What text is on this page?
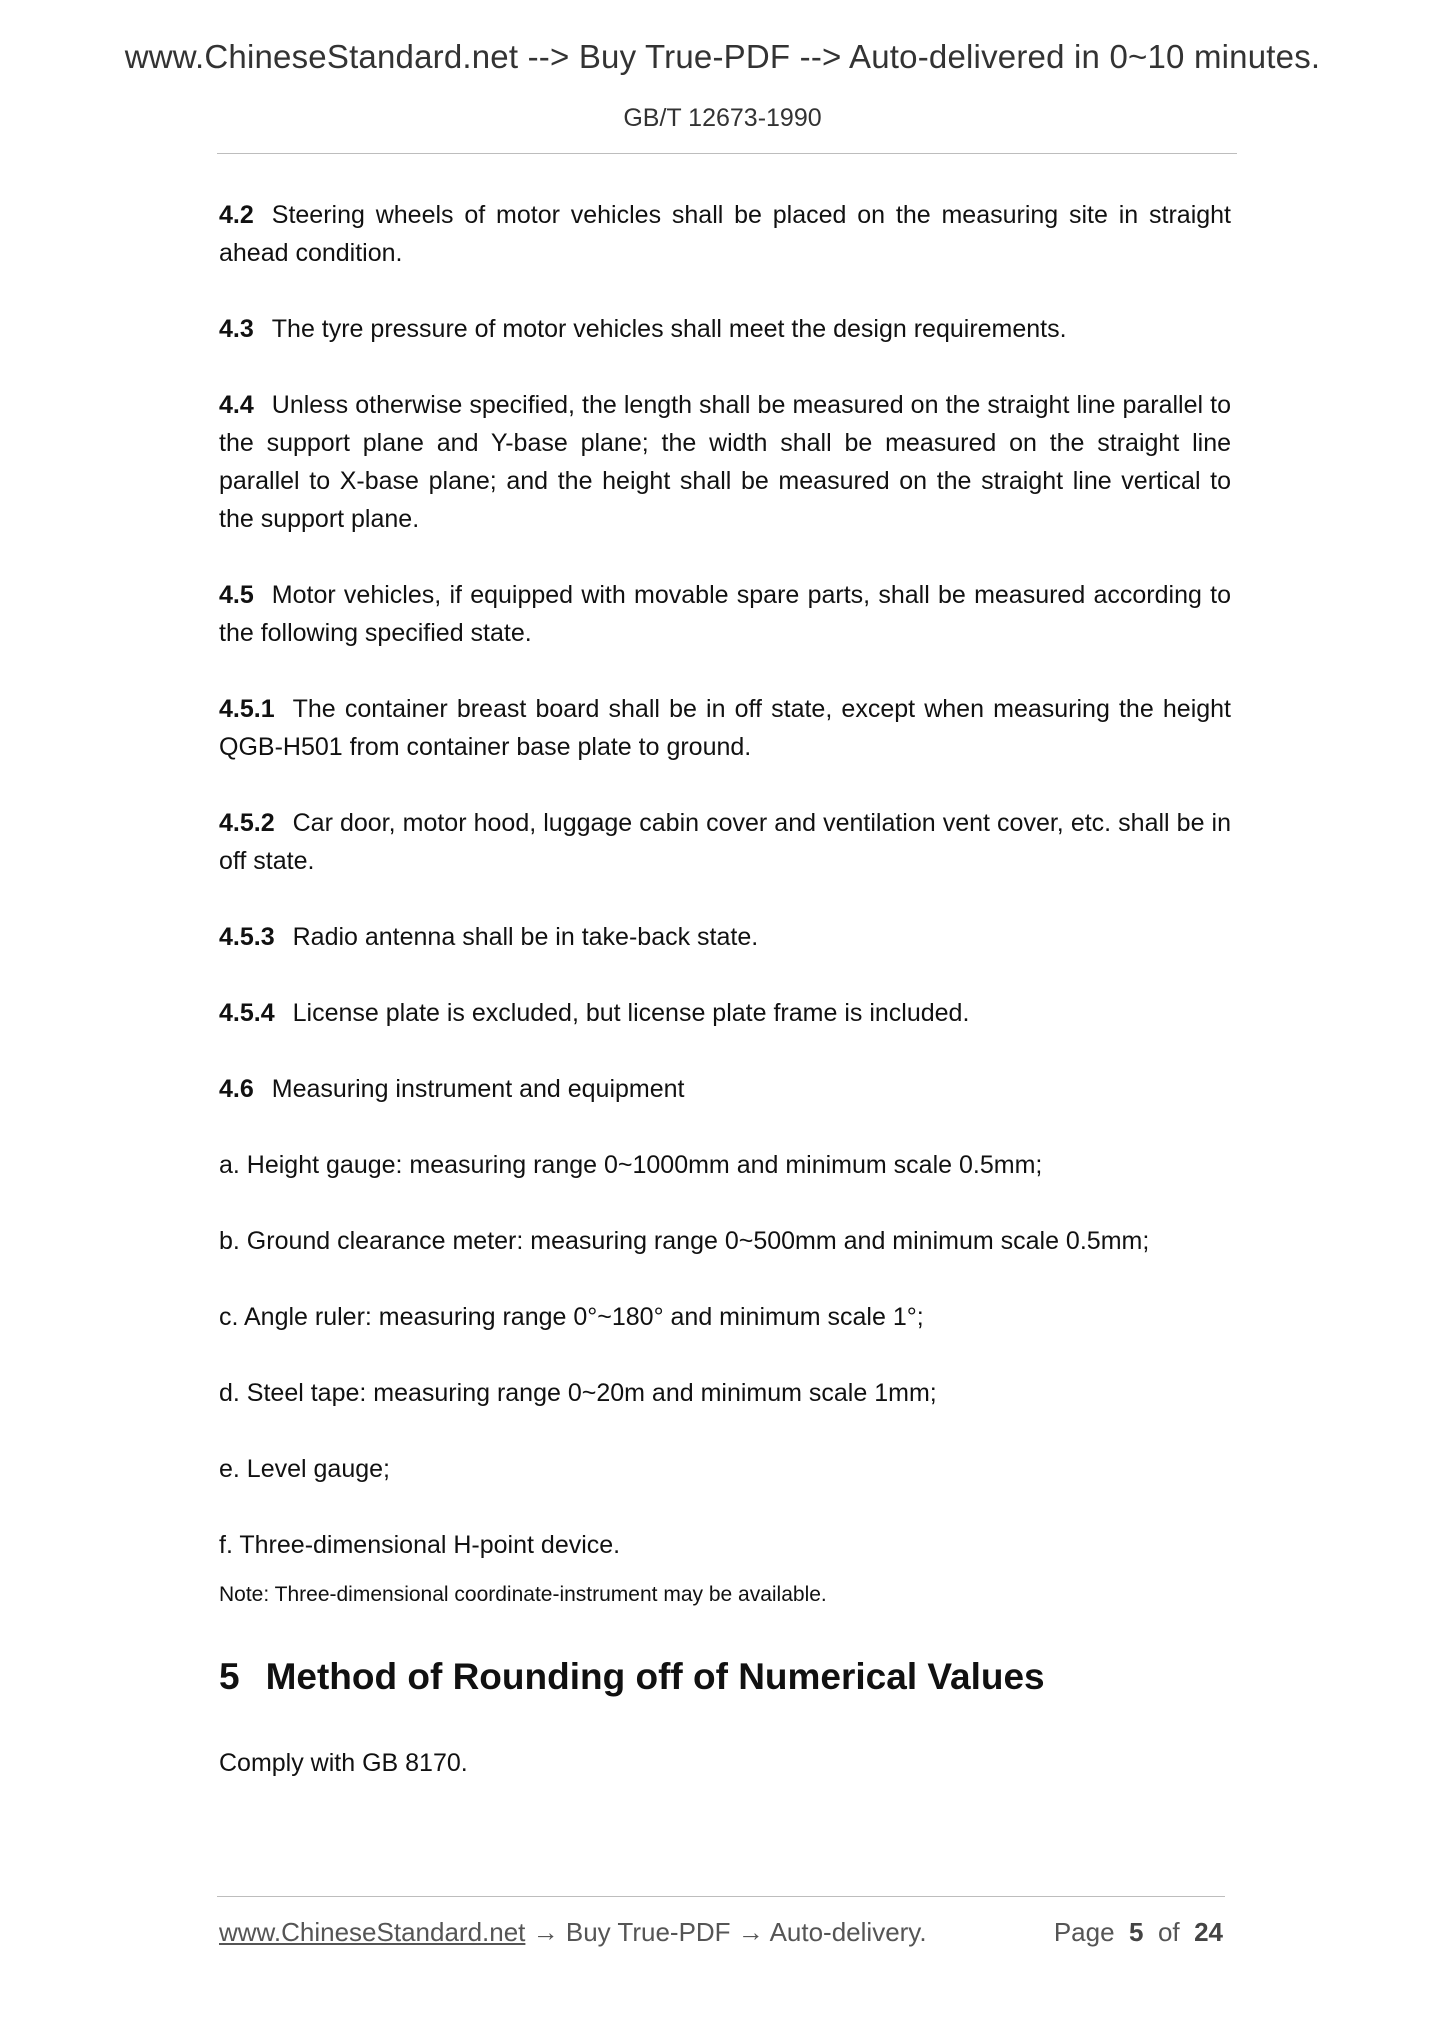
www.ChineseStandard.net --> Buy True-PDF --> Auto-delivered in 0~10 minutes.
GB/T 12673-1990

4.2 Steering wheels of motor vehicles shall be placed on the measuring site in straight ahead condition.

4.3 The tyre pressure of motor vehicles shall meet the design requirements.

4.4 Unless otherwise specified, the length shall be measured on the straight line parallel to the support plane and Y-base plane; the width shall be measured on the straight line parallel to X-base plane; and the height shall be measured on the straight line vertical to the support plane.

4.5 Motor vehicles, if equipped with movable spare parts, shall be measured according to the following specified state.

4.5.1 The container breast board shall be in off state, except when measuring the height QGB-H501 from container base plate to ground.

4.5.2 Car door, motor hood, luggage cabin cover and ventilation vent cover, etc. shall be in off state.

4.5.3 Radio antenna shall be in take-back state.

4.5.4 License plate is excluded, but license plate frame is included.

4.6 Measuring instrument and equipment

a. Height gauge: measuring range 0~1000mm and minimum scale 0.5mm;

b. Ground clearance meter: measuring range 0~500mm and minimum scale 0.5mm;

c. Angle ruler: measuring range 0°~180° and minimum scale 1°;

d. Steel tape: measuring range 0~20m and minimum scale 1mm;

e. Level gauge;

f. Three-dimensional H-point device.

Note: Three-dimensional coordinate-instrument may be available.

5 Method of Rounding off of Numerical Values

Comply with GB 8170.

www.ChineseStandard.net → Buy True-PDF → Auto-delivery.	Page 5 of 24
